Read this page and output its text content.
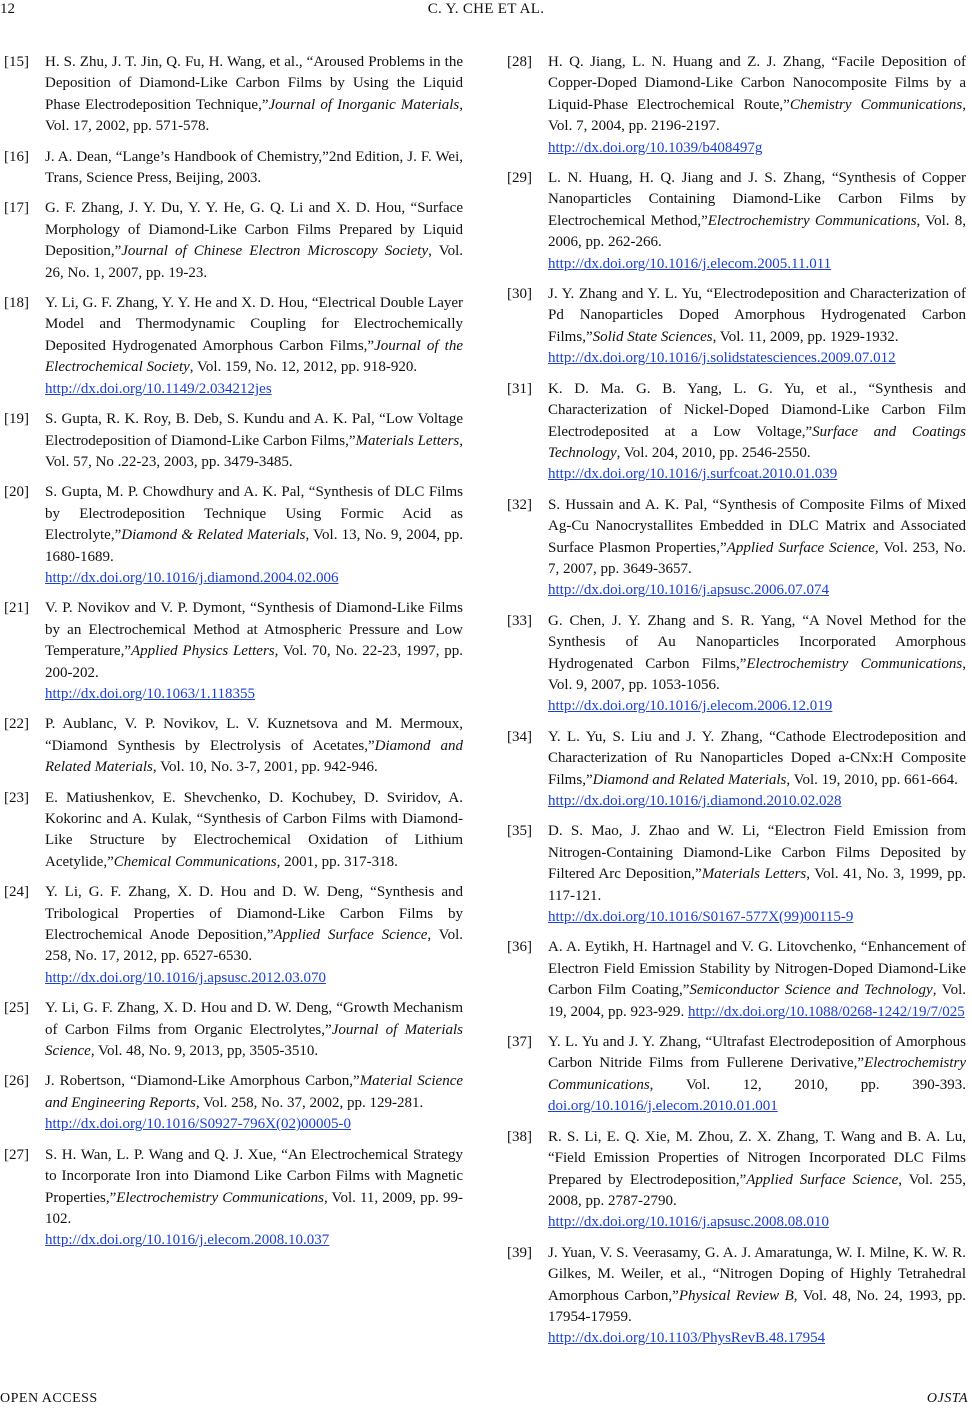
12	C. Y. CHE ET AL.
[15] H. S. Zhu, J. T. Jin, Q. Fu, H. Wang, et al., “ Aroused Problems in the Deposition of Diamond-Like Carbon Films by Using the Liquid Phase Electrodeposition Technique ,” Journal of Inorganic Materials, Vol. 17, 2002, pp. 571-578.
[16] J. A. Dean, “ Lange’s Handbook of Chemistry ,” 2nd Edition, J. F. Wei, Trans, Science Press, Beijing, 2003.
[17] G. F. Zhang, J. Y. Du, Y. Y. He, G. Q. Li and X. D. Hou, “ Surface Morphology of Diamond-Like Carbon Films Prepared by Liquid Deposition ,” Journal of Chinese Electron Microscopy Society, Vol. 26, No. 1, 2007, pp. 19-23.
[18] Y. Li, G. F. Zhang, Y. Y. He and X. D. Hou, “ Electrical Double Layer Model and Thermodynamic Coupling for Electrochemically Deposited Hydrogenated Amorphous Carbon Films ,” Journal of the Electrochemical Society, Vol. 159, No. 12, 2012, pp. 918-920.
http://dx.doi.org/10.1149/2.034212jes
[19] S. Gupta, R. K. Roy, B. Deb, S. Kundu and A. K. Pal, “ Low Voltage Electrodeposition of Diamond-Like Carbon Films ,” Materials Letters, Vol. 57, No .22-23, 2003, pp. 3479-3485.
[20] S. Gupta, M. P. Chowdhury and A. K. Pal, “ Synthesis of DLC Films by Electrodeposition Technique Using Formic Acid as Electrolyte ,” Diamond & Related Materials, Vol. 13, No. 9, 2004, pp. 1680-1689.
http://dx.doi.org/10.1016/j.diamond.2004.02.006
[21] V. P. Novikov and V. P. Dymont, “ Synthesis of Diamond-Like Films by an Electrochemical Method at Atmospheric Pressure and Low Temperature ,” Applied Physics Letters, Vol. 70, No. 22-23, 1997, pp. 200-202.
http://dx.doi.org/10.1063/1.118355
[22] P. Aublanc, V. P. Novikov, L. V. Kuznetsova and M. Mermoux, “ Diamond Synthesis by Electrolysis of Acetates ,” Diamond and Related Materials, Vol. 10, No. 3-7, 2001, pp. 942-946.
[23] E. Matiushenkov, E. Shevchenko, D. Kochubey, D. Sviridov, A. Kokorinc and A. Kulak, “ Synthesis of Carbon Films with Diamond-Like Structure by Electrochemical Oxidation of Lithium Acetylide ,” Chemical Communications, 2001, pp. 317-318.
[24] Y. Li, G. F. Zhang, X. D. Hou and D. W. Deng, “ Synthesis and Tribological Properties of Diamond-Like Carbon Films by Electrochemical Anode Deposition ,” Applied Surface Science, Vol. 258, No. 17, 2012, pp. 6527-6530.
http://dx.doi.org/10.1016/j.apsusc.2012.03.070
[25] Y. Li, G. F. Zhang, X. D. Hou and D. W. Deng, “ Growth Mechanism of Carbon Films from Organic Electrolytes ,” Journal of Materials Science, Vol. 48, No. 9, 2013, pp, 3505-3510.
[26] J. Robertson, “ Diamond-Like Amorphous Carbon ,” Material Science and Engineering Reports, Vol. 258, No. 37, 2002, pp. 129-281.
http://dx.doi.org/10.1016/S0927-796X(02)00005-0
[27] S. H. Wan, L. P. Wang and Q. J. Xue, “ An Electrochemical Strategy to Incorporate Iron into Diamond Like Carbon Films with Magnetic Properties ,” Electrochemistry Communications, Vol. 11, 2009, pp. 99-102.
http://dx.doi.org/10.1016/j.elecom.2008.10.037
[28] H. Q. Jiang, L. N. Huang and Z. J. Zhang, “ Facile Deposition of Copper-Doped Diamond-Like Carbon Nanocomposite Films by a Liquid-Phase Electrochemical Route ,” Chemistry Communications, Vol. 7, 2004, pp. 2196-2197.
http://dx.doi.org/10.1039/b408497g
[29] L. N. Huang, H. Q. Jiang and J. S. Zhang, “ Synthesis of Copper Nanoparticles Containing Diamond-Like Carbon Films by Electrochemical Method ,” Electrochemistry Communications, Vol. 8, 2006, pp. 262-266.
http://dx.doi.org/10.1016/j.elecom.2005.11.011
[30] J. Y. Zhang and Y. L. Yu, “ Electrodeposition and Characterization of Pd Nanoparticles Doped Amorphous Hydrogenated Carbon Films ,” Solid State Sciences, Vol. 11, 2009, pp. 1929-1932.
http://dx.doi.org/10.1016/j.solidstatesciences.2009.07.012
[31] K. D. Ma. G. B. Yang, L. G. Yu, et al., “ Synthesis and Characterization of Nickel-Doped Diamond-Like Carbon Film Electrodeposited at a Low Voltage ,” Surface and Coatings Technology, Vol. 204, 2010, pp. 2546-2550.
http://dx.doi.org/10.1016/j.surfcoat.2010.01.039
[32] S. Hussain and A. K. Pal, “ Synthesis of Composite Films of Mixed Ag-Cu Nanocrystallites Embedded in DLC Matrix and Associated Surface Plasmon Properties ,” Applied Surface Science, Vol. 253, No. 7, 2007, pp. 3649-3657.
http://dx.doi.org/10.1016/j.apsusc.2006.07.074
[33] G. Chen, J. Y. Zhang and S. R. Yang, “ A Novel Method for the Synthesis of Au Nanoparticles Incorporated Amorphous Hydrogenated Carbon Films ,” Electrochemistry Communications, Vol. 9, 2007, pp. 1053-1056.
http://dx.doi.org/10.1016/j.elecom.2006.12.019
[34] Y. L. Yu, S. Liu and J. Y. Zhang, “ Cathode Electrodeposition and Characterization of Ru Nanoparticles Doped a-CNx:H Composite Films ,” Diamond and Related Materials, Vol. 19, 2010, pp. 661-664.
http://dx.doi.org/10.1016/j.diamond.2010.02.028
[35] D. S. Mao, J. Zhao and W. Li, “ Electron Field Emission from Nitrogen-Containing Diamond-Like Carbon Films Deposited by Filtered Arc Deposition ,” Materials Letters, Vol. 41, No. 3, 1999, pp. 117-121.
http://dx.doi.org/10.1016/S0167-577X(99)00115-9
[36] A. A. Eytikh, H. Hartnagel and V. G. Litovchenko, “ Enhancement of Electron Field Emission Stability by Nitrogen-Doped Diamond-Like Carbon Film Coating ,” Semiconductor Science and Technology, Vol. 19, 2004, pp. 923-929. http://dx.doi.org/10.1088/0268-1242/19/7/025
[37] Y. L. Yu and J. Y. Zhang, “ Ultrafast Electrodeposition of Amorphous Carbon Nitride Films from Fullerene Derivative ,” Electrochemistry Communications, Vol. 12, 2010, pp. 390-393. doi.org/10.1016/j.elecom.2010.01.001
[38] R. S. Li, E. Q. Xie, M. Zhou, Z. X. Zhang, T. Wang and B. A. Lu, “ Field Emission Properties of Nitrogen Incorporated DLC Films Prepared by Electrodeposition ,” Applied Surface Science, Vol. 255, 2008, pp. 2787-2790.
http://dx.doi.org/10.1016/j.apsusc.2008.08.010
[39] J. Yuan, V. S. Veerasamy, G. A. J. Amaratunga, W. I. Milne, K. W. R. Gilkes, M. Weiler, et al., “ Nitrogen Doping of Highly Tetrahedral Amorphous Carbon ,” Physical Review B, Vol. 48, No. 24, 1993, pp. 17954-17959.
http://dx.doi.org/10.1103/PhysRevB.48.17954
OPEN ACCESS	OJSTA
